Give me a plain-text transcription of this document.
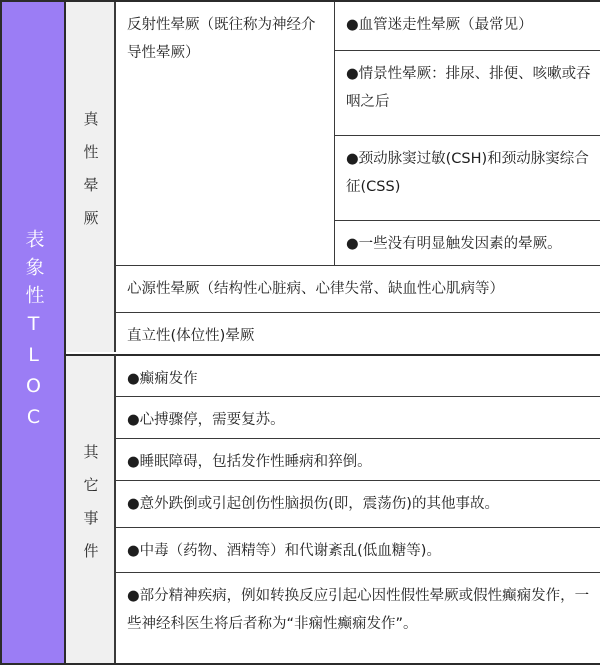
表象性TLOC
真性晕厥
其它事件
反射性晕厥（既往称为神经介导性晕厥）
●血管迷走性晕厥（最常见）
●情景性晕厥：排尿、排便、咳嗽或吞咽之后
●颈动脉窦过敏(CSH)和颈动脉窦综合征(CSS)
●一些没有明显触发因素的晕厥。
心源性晕厥（结构性心脏病、心律失常、缺血性心肌病等）
直立性(体位性)晕厥
●癫痫发作
●心搏骤停，需要复苏。
●睡眠障碍，包括发作性睡病和猝倒。
●意外跌倒或引起创伤性脑损伤(即，震荡伤)的其他事故。
●中毒（药物、酒精等）和代谢紊乱(低血糖等)。
●部分精神疾病，例如转换反应引起心因性假性晕厥或假性癫痫发作，一些神经科医生将后者称为“非痫性癫痫发作”。
